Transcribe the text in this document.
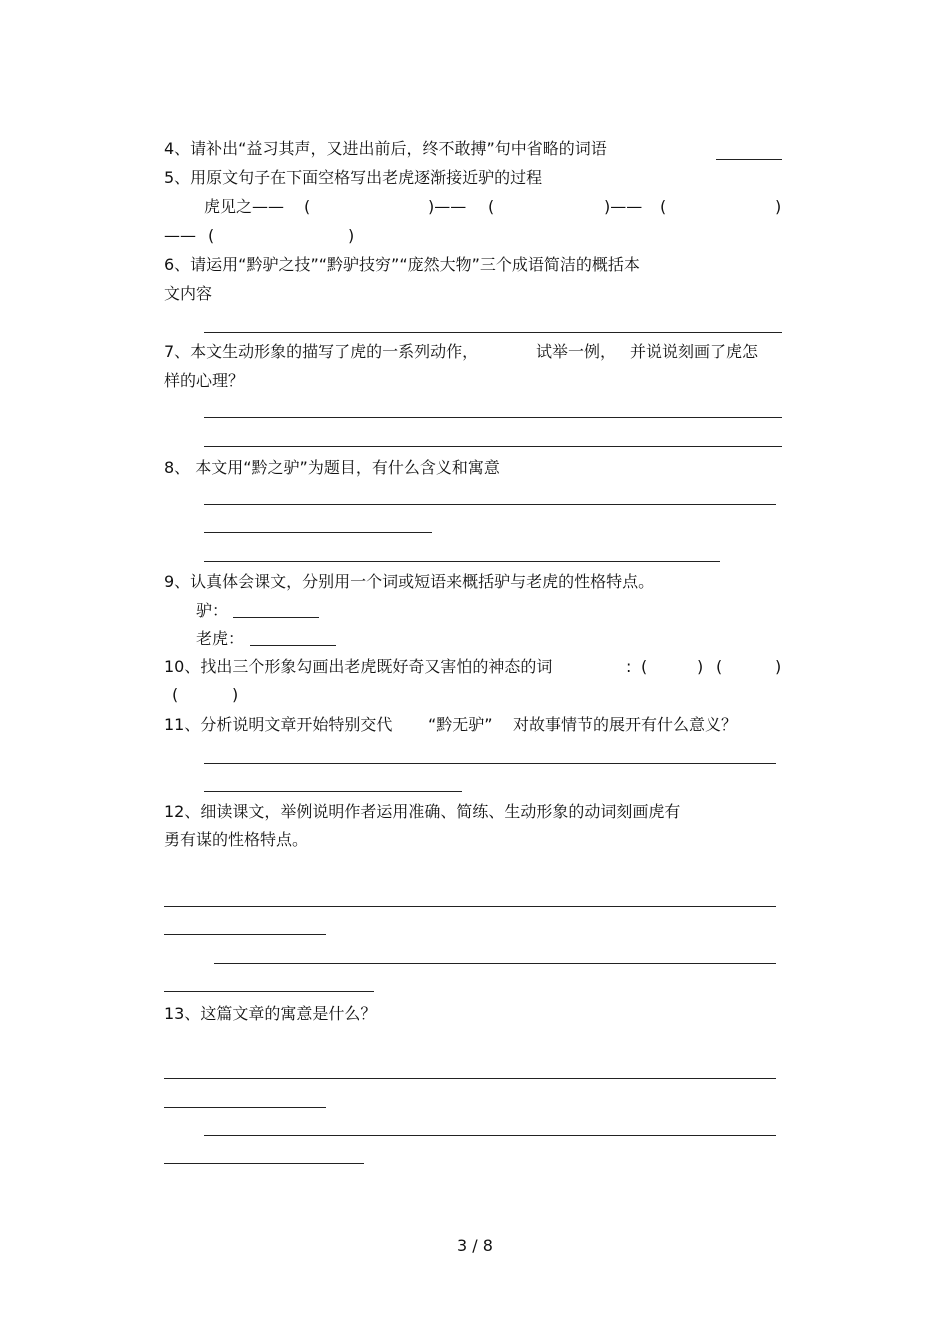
4、请补出“益习其声，又进出前后，终不敢搏”句中省略的词语
5、用原文句子在下面空格写出老虎逐渐接近驴的过程
虎见之—— (	)—— (	)—— (	)
—— (	)
6、请运用“黔驴之技”“黔驴技穷”“庞然大物”三个成语简洁的概括本
文内容
7、本文生动形象的描写了虎的一系列动作，	试举一例， 并说说刻画了虎怎
样的心理？
8、 本文用“黔之驴”为题目，有什么含义和寓意
9、认真体会课文，分别用一个词或短语来概括驴与老虎的性格特点。
驴：
老虎：
10、找出三个形象勾画出老虎既好奇又害怕的神态的词	: (	) (	)
(	)
11、分析说明文章开始特别交代 “黔无驴” 对故事情节的展开有什么意义？
12、细读课文，举例说明作者运用准确、简练、生动形象的动词刻画虎有
勇有谋的性格特点。
13、这篇文章的寓意是什么？
3 / 8
